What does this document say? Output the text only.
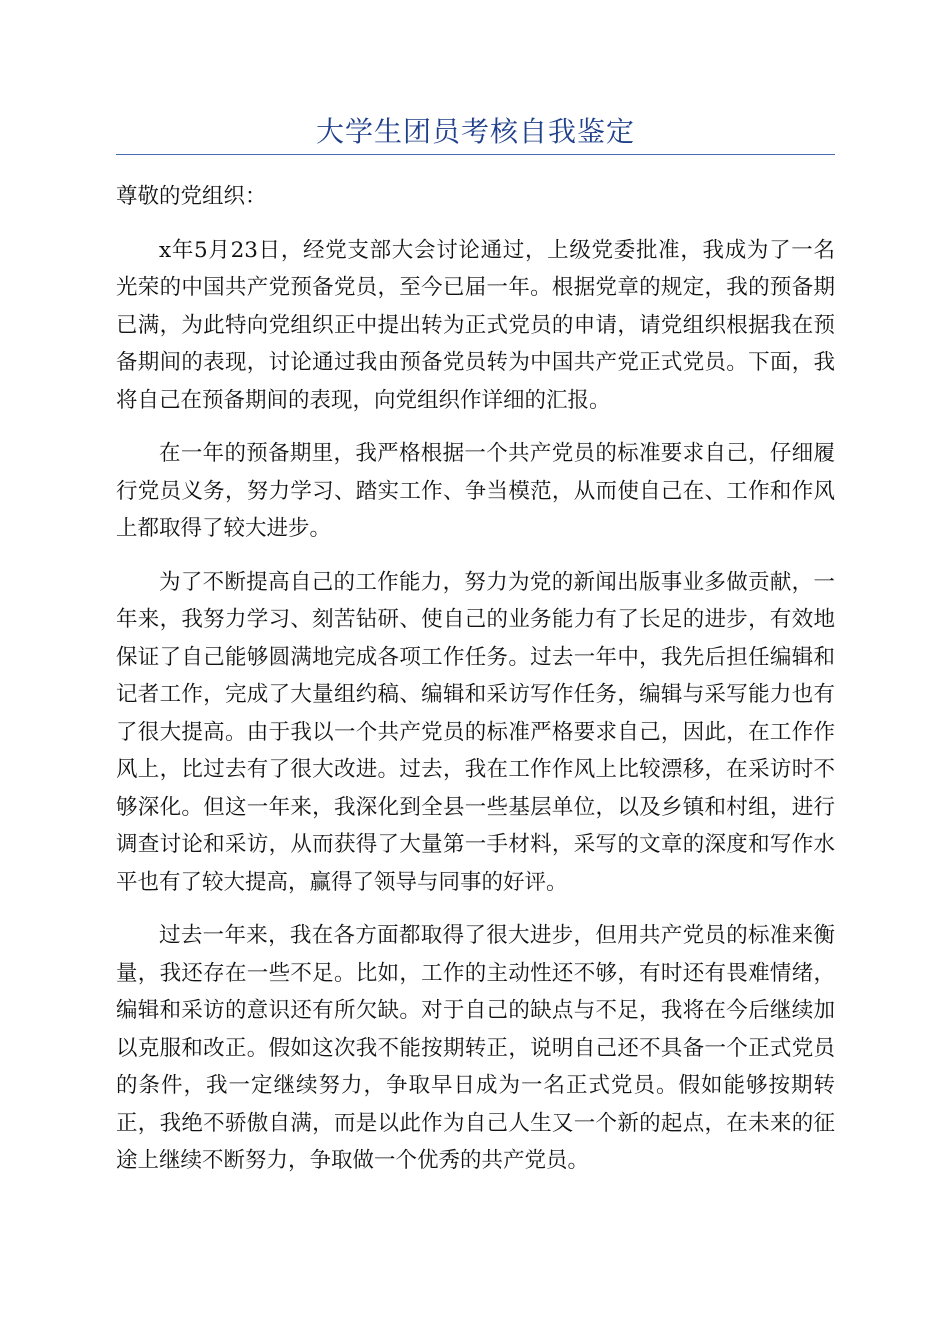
大学生团员考核自我鉴定

尊敬的党组织：

x年5月23日，经党支部大会讨论通过，上级党委批准，我成为了一名光荣的中国共产党预备党员，至今已届一年。根据党章的规定，我的预备期已满，为此特向党组织正中提出转为正式党员的申请，请党组织根据我在预备期间的表现，讨论通过我由预备党员转为中国共产党正式党员。下面，我将自己在预备期间的表现，向党组织作详细的汇报。

在一年的预备期里，我严格根据一个共产党员的标准要求自己，仔细履行党员义务，努力学习、踏实工作、争当模范，从而使自己在、工作和作风上都取得了较大进步。

为了不断提高自己的工作能力，努力为党的新闻出版事业多做贡献，一年来，我努力学习、刻苦钻研、使自己的业务能力有了长足的进步，有效地保证了自己能够圆满地完成各项工作任务。过去一年中，我先后担任编辑和记者工作，完成了大量组约稿、编辑和采访写作任务，编辑与采写能力也有了很大提高。由于我以一个共产党员的标准严格要求自己，因此，在工作作风上，比过去有了很大改进。过去，我在工作作风上比较漂移，在采访时不够深化。但这一年来，我深化到全县一些基层单位，以及乡镇和村组，进行调查讨论和采访，从而获得了大量第一手材料，采写的文章的深度和写作水平也有了较大提高，赢得了领导与同事的好评。

过去一年来，我在各方面都取得了很大进步，但用共产党员的标准来衡量，我还存在一些不足。比如，工作的主动性还不够，有时还有畏难情绪，编辑和采访的意识还有所欠缺。对于自己的缺点与不足，我将在今后继续加以克服和改正。假如这次我不能按期转正，说明自己还不具备一个正式党员的条件，我一定继续努力，争取早日成为一名正式党员。假如能够按期转正，我绝不骄傲自满，而是以此作为自己人生又一个新的起点，在未来的征途上继续不断努力，争取做一个优秀的共产党员。
